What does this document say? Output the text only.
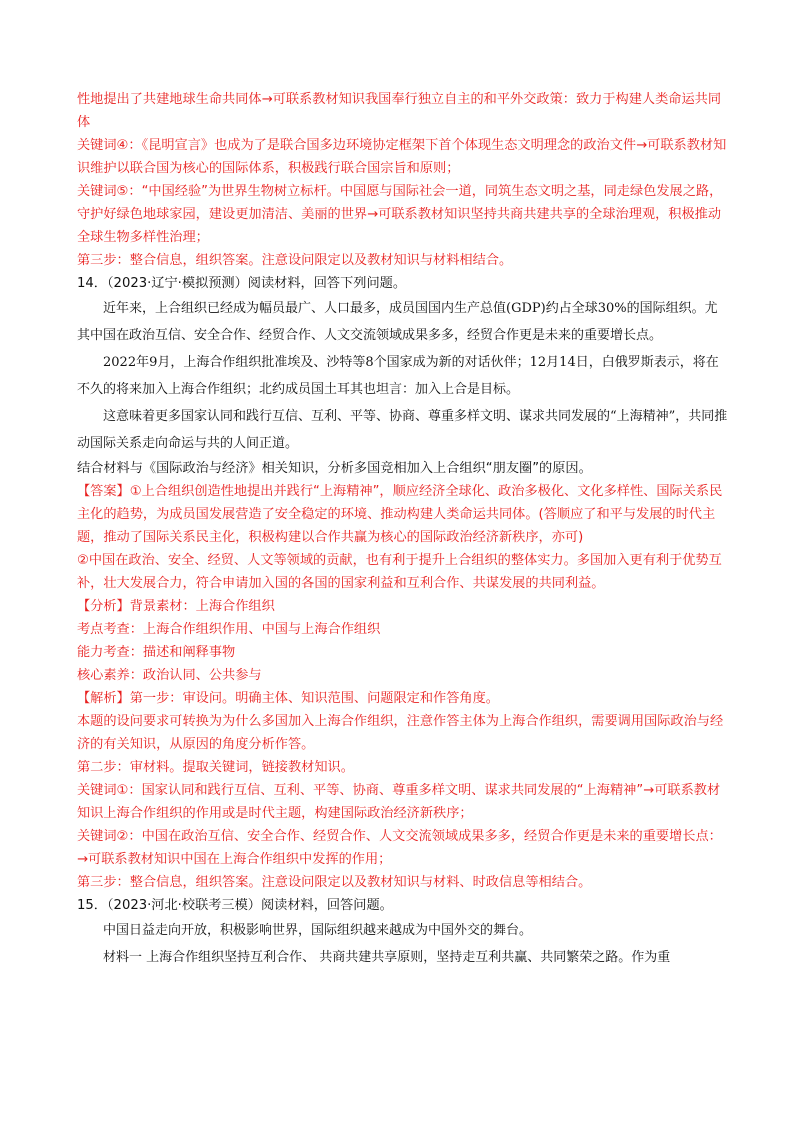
性地提出了共建地球生命共同体→可联系教材知识我国奉行独立自主的和平外交政策：致力于构建人类命运共同体

关键词④：《昆明宣言》也成为了是联合国多边环境协定框架下首个体现生态文明理念的政治文件→可联系教材知识维护以联合国为核心的国际体系，积极践行联合国宗旨和原则；

关键词⑤：“中国经验”为世界生物树立标杆。中国愿与国际社会一道，同筑生态文明之基，同走绿色发展之路，守护好绿色地球家园，建设更加清洁、美丽的世界→可联系教材知识坚持共商共建共享的全球治理观，积极推动全球生物多样性治理；

第三步：整合信息，组织答案。注意设问限定以及教材知识与材料相结合。

14．（2023·辽宁·模拟预测）阅读材料，回答下列问题。

近年来，上合组织已经成为幅员最广、人口最多，成员国国内生产总值(GDP)约占全球30%的国际组织。尤其中国在政治互信、安全合作、经贸合作、人文交流领域成果多多，经贸合作更是未来的重要增长点。

2022年9月，上海合作组织批准埃及、沙特等8个国家成为新的对话伙伴；12月14日，白俄罗斯表示，将在不久的将来加入上海合作组织；北约成员国土耳其也坦言：加入上合是目标。

这意味着更多国家认同和践行互信、互利、平等、协商、尊重多样文明、谋求共同发展的“上海精神”，共同推动国际关系走向命运与共的人间正道。

结合材料与《国际政治与经济》相关知识，分析多国竞相加入上合组织“朋友圈”的原因。

【答案】①上合组织创造性地提出并践行“上海精神”，顺应经济全球化、政治多极化、文化多样性、国际关系民主化的趋势，为成员国发展营造了安全稳定的环境、推动构建人类命运共同体。(答顺应了和平与发展的时代主题，推动了国际关系民主化，积极构建以合作共赢为核心的国际政治经济新秩序，亦可)

②中国在政治、安全、经贸、人文等领域的贡献，也有利于提升上合组织的整体实力。多国加入更有利于优势互补，壮大发展合力，符合申请加入国的各国的国家利益和互利合作、共谋发展的共同利益。

【分析】背景素材：上海合作组织

考点考查：上海合作组织作用、中国与上海合作组织

能力考查：描述和阐释事物

核心素养：政治认同、公共参与

【解析】第一步：审设问。明确主体、知识范围、问题限定和作答角度。

本题的设问要求可转换为为什么多国加入上海合作组织，注意作答主体为上海合作组织，需要调用国际政治与经济的有关知识，从原因的角度分析作答。

第二步：审材料。提取关键词，链接教材知识。

关键词①：国家认同和践行互信、互利、平等、协商、尊重多样文明、谋求共同发展的“上海精神”→可联系教材知识上海合作组织的作用或是时代主题，构建国际政治经济新秩序；

关键词②：中国在政治互信、安全合作、经贸合作、人文交流领域成果多多，经贸合作更是未来的重要增长点：→可联系教材知识中国在上海合作组织中发挥的作用；

第三步：整合信息，组织答案。注意设问限定以及教材知识与材料、时政信息等相结合。

15．（2023·河北·校联考三模）阅读材料，回答问题。

中国日益走向开放，积极影响世界，国际组织越来越成为中国外交的舞台。

材料一 上海合作组织坚持互利合作、 共商共建共享原则，坚持走互利共赢、共同繁荣之路。作为重
